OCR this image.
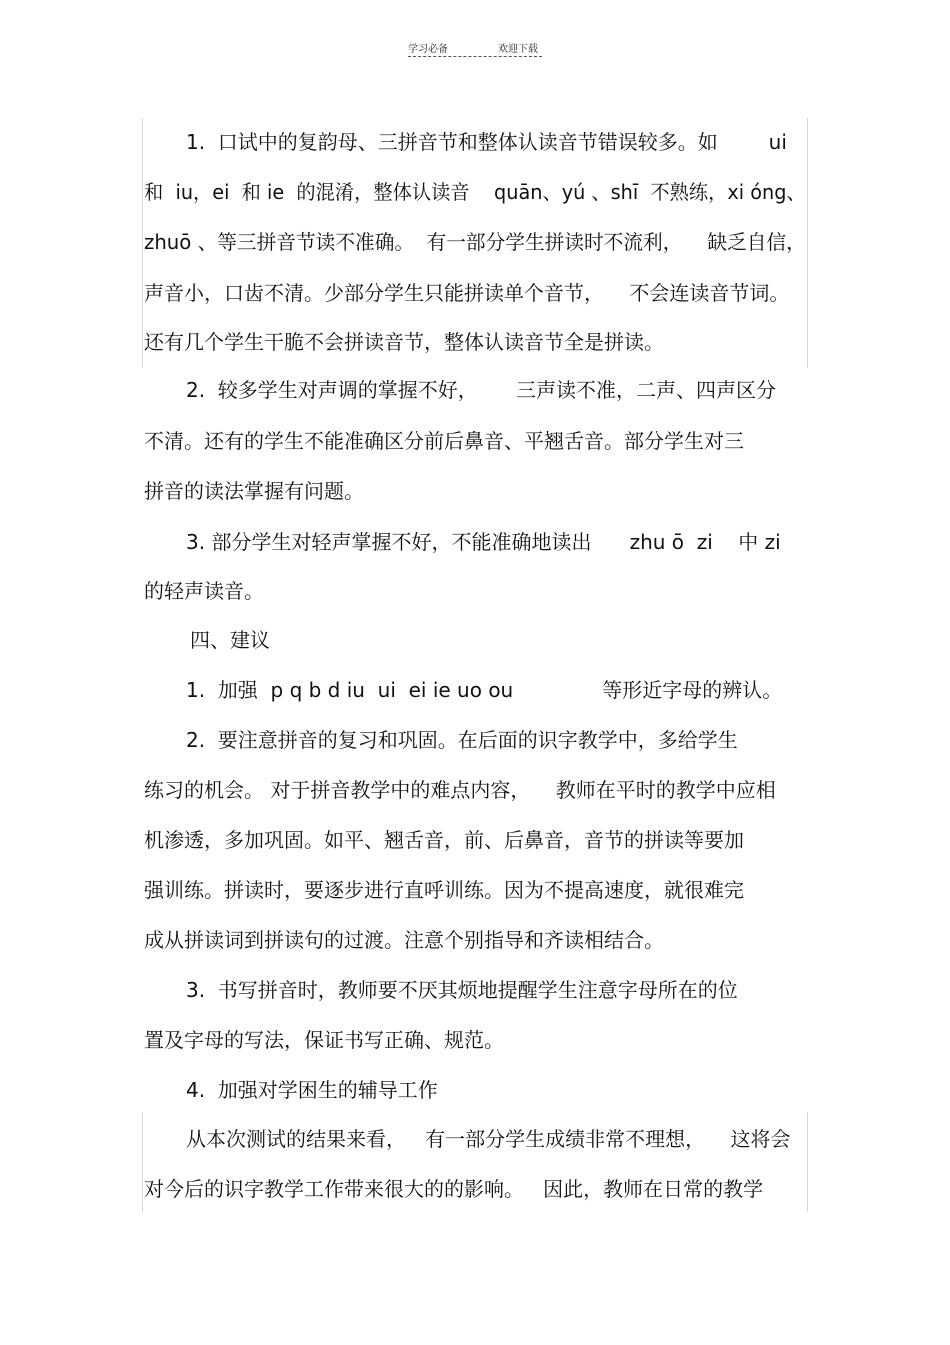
学习必备	欢迎下载
1.  口试中的复韵母、三拼音节和整体认读音节错误较多。如        ui
和  iu，ei  和 ie  的混淆，整体认读音    quān、yú 、shī  不熟练，xi óng、
zhuō 、等三拼音节读不准确。  有一部分学生拼读时不流利，    缺乏自信，
声音小，口齿不清。少部分学生只能拼读单个音节，    不会连读音节词。
还有几个学生干脆不会拼读音节，整体认读音节全是拼读。
2.  较多学生对声调的掌握不好，      三声读不准，二声、四声区分
不清。还有的学生不能准确区分前后鼻音、平翘舌音。部分学生对三
拼音的读法掌握有问题。
3. 部分学生对轻声掌握不好，不能准确地读出      zhu ō  zi    中 zi
的轻声读音。
四、建议
1.  加强  p q b d iu  ui  ei ie uo ou              等形近字母的辨认。
2.  要注意拼音的复习和巩固。在后面的识字教学中，多给学生
练习的机会。 对于拼音教学中的难点内容，    教师在平时的教学中应相
机渗透，多加巩固。如平、翘舌音，前、后鼻音，音节的拼读等要加
强训练。拼读时，要逐步进行直呼训练。因为不提高速度，就很难完
成从拼读词到拼读句的过渡。注意个别指导和齐读相结合。
3.  书写拼音时，教师要不厌其烦地提醒学生注意字母所在的位
置及字母的写法，保证书写正确、规范。
4.  加强对学困生的辅导工作
从本次测试的结果来看，   有一部分学生成绩非常不理想，    这将会
对今后的识字教学工作带来很大的的影响。   因此，教师在日常的教学
